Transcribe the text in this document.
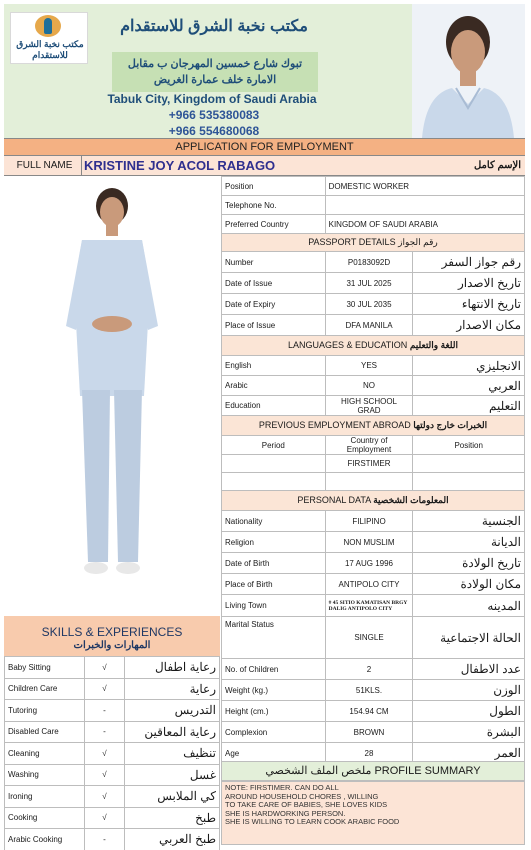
مكتب نخبة الشرق للاستقدام
مكتب نخبة الشرق للاستقدام
تبوك شارع خمسين المهرجان ب مقابل
الامارة خلف عمارة الغريض
Tabuk City, Kingdom of Saudi Arabia
+966 535380083
+966 554680068
APPLICATION FOR EMPLOYMENT
FULL NAME KRISTINE JOY ACOL RABAGO	الإسم كامل
Position	DOMESTIC WORKER	
Telephone No.		
Preferred Country	KINGDOM OF SAUDI ARABIA	
PASSPORT DETAILS رقم الجواز		
Number	P0183092D	رقم جواز السفر
Date of Issue	31 JUL 2025	تاريخ الاصدار
Date of Expiry	30 JUL 2035	تاريخ الانتهاء
Place of Issue	DFA MANILA	مكان الاصدار
LANGUAGES & EDUCATION اللغة والتعليم		
English	YES	الانجليزي
Arabic	NO	العربي
Education	HIGH SCHOOL GRAD	التعليم
PREVIOUS EMPLOYMENT ABROAD الخبرات خارج دولتها		
Period	Country of Employment	Position
	FIRSTIMER	

PERSONAL DATA المعلومات الشخصية		
Nationality	FILIPINO	الجنسية
Religion	NON MUSLIM	الديانة
Date of Birth	17 AUG 1996	تاريخ الولادة
Place of Birth	ANTIPOLO CITY	مكان الولادة
Living Town	# 45 SITIO KAMATISAN BRGY DALIG ANTIPOLO CITY	المدينه
Marital Status	SINGLE	الحالة الاجتماعية
No. of Children	2	عدد الاطفال
Weight (kg.)	51KLS.	الوزن
Height (cm.)	154.94 CM	الطول
Complexion	BROWN	البشرة
Age	28	العمر
SKILLS & EXPERIENCES
المهارات والخبرات
Baby Sitting	√	رعاية اطفال
Children Care	√	رعاية
Tutoring	-	التدريس
Disabled Care	-	رعاية المعاقين
Cleaning	√	تنظيف
Washing	√	غسل
Ironing	√	كي الملابس
Cooking	√	طبخ
Arabic Cooking	-	طبخ العربي
ملخص الملف الشخصي PROFILE SUMMARY
NOTE: FIRSTIMER. CAN DO ALL
AROUND HOUSEHOLD CHORES , WILLING
TO TAKE CARE OF BABIES, SHE LOVES KIDS
SHE IS HARDWORKING PERSON.
SHE IS WILLING TO LEARN COOK ARABIC FOOD
